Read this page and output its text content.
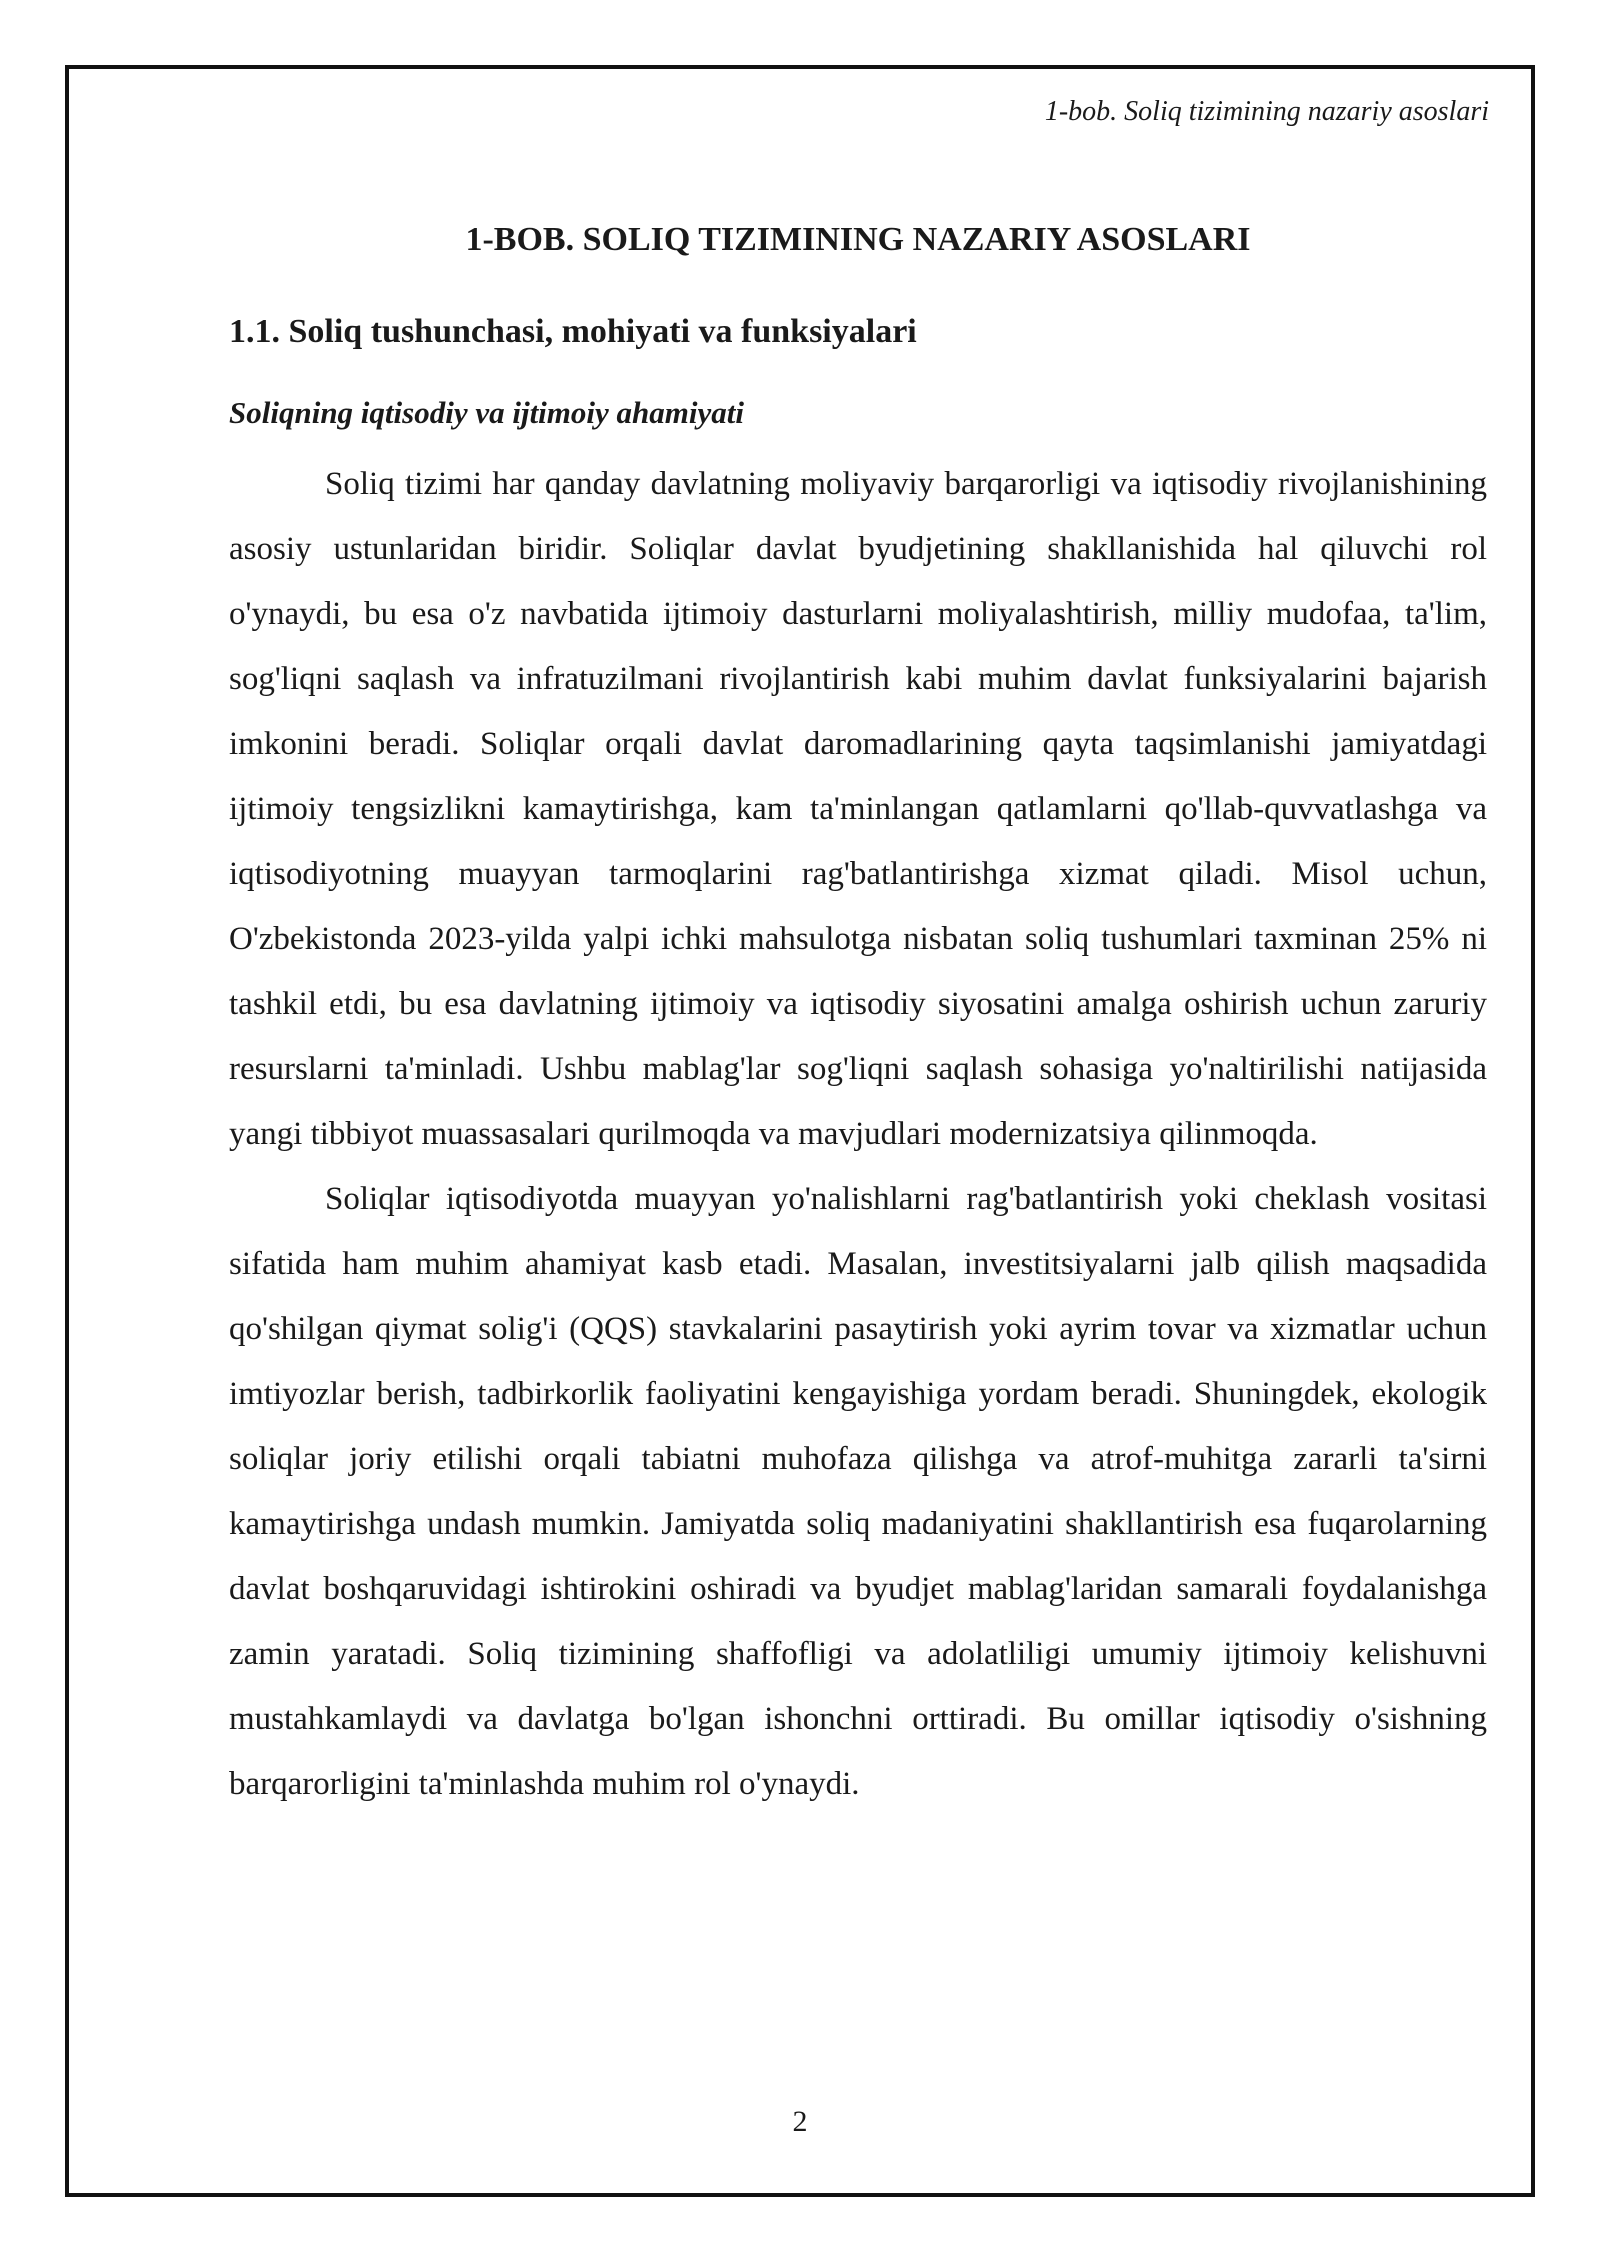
1-bob. Soliq tizimining nazariy asoslari
1-BOB. SOLIQ TIZIMINING NAZARIY ASOSLARI
1.1. Soliq tushunchasi, mohiyati va funksiyalari
Soliqning iqtisodiy va ijtimoiy ahamiyati

Soliq tizimi har qanday davlatning moliyaviy barqarorligi va iqtisodiy rivojlanishining asosiy ustunlaridan biridir. Soliqlar davlat byudjetining shakllanishida hal qiluvchi rol o'ynaydi, bu esa o'z navbatida ijtimoiy dasturlarni moliyalashtirish, milliy mudofaa, ta'lim, sog'liqni saqlash va infratuzilmani rivojlantirish kabi muhim davlat funksiyalarini bajarish imkonini beradi. Soliqlar orqali davlat daromadlarining qayta taqsimlanishi jamiyatdagi ijtimoiy tengsizlikni kamaytirishga, kam ta'minlangan qatlamlarni qo'llab-quvvatlashga va iqtisodiyotning muayyan tarmoqlarini rag'batlantirishga xizmat qiladi. Misol uchun, O'zbekistonda 2023-yilda yalpi ichki mahsulotga nisbatan soliq tushumlari taxminan 25% ni tashkil etdi, bu esa davlatning ijtimoiy va iqtisodiy siyosatini amalga oshirish uchun zaruriy resurslarni ta'minladi. Ushbu mablag'lar sog'liqni saqlash sohasiga yo'naltirilishi natijasida yangi tibbiyot muassasalari qurilmoqda va mavjudlari modernizatsiya qilinmoqda.

Soliqlar iqtisodiyotda muayyan yo'nalishlarni rag'batlantirish yoki cheklash vositasi sifatida ham muhim ahamiyat kasb etadi. Masalan, investitsiyalarni jalb qilish maqsadida qo'shilgan qiymat solig'i (QQS) stavkalarini pasaytirish yoki ayrim tovar va xizmatlar uchun imtiyozlar berish, tadbirkorlik faoliyatini kengayishiga yordam beradi. Shuningdek, ekologik soliqlar joriy etilishi orqali tabiatni muhofaza qilishga va atrof-muhitga zararli ta'sirni kamaytirishga undash mumkin. Jamiyatda soliq madaniyatini shakllantirish esa fuqarolarning davlat boshqaruvidagi ishtirokini oshiradi va byudjet mablag'laridan samarali foydalanishga zamin yaratadi. Soliq tizimining shaffofligi va adolatliligi umumiy ijtimoiy kelishuvni mustahkamlaydi va davlatga bo'lgan ishonchni orttiradi. Bu omillar iqtisodiy o'sishning barqarorligini ta'minlashda muhim rol o'ynaydi.

2
